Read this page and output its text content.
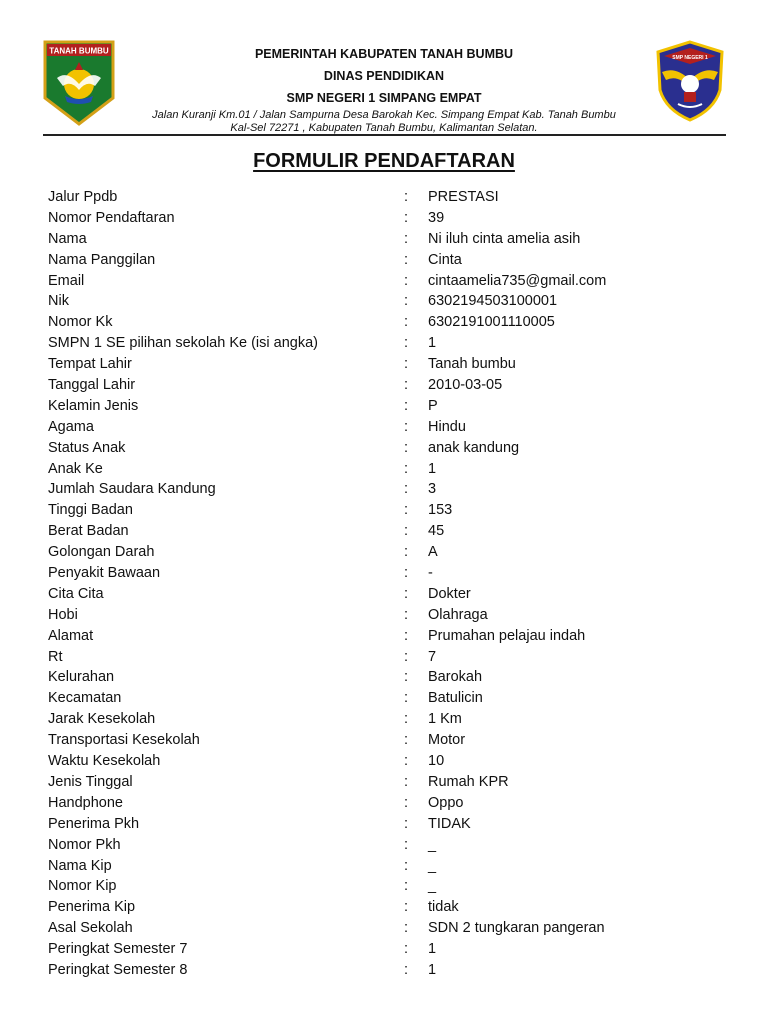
TANAH BUMBU	PEMERINTAH KABUPATEN TANAH BUMBU
DINAS PENDIDIKAN
SMP NEGERI 1 SIMPANG EMPAT
Jalan Kuranji Km.01 / Jalan Sampurna Desa Barokah Kec. Simpang Empat Kab. Tanah Bumbu
Kal-Sel 72271 , Kabupaten Tanah Bumbu, Kalimantan Selatan.
SMP NEGERI 1
FORMULIR PENDAFTARAN
Jalur Ppdb	: PRESTASI
Nomor Pendaftaran	: 39
Nama	: Ni iluh cinta amelia asih
Nama Panggilan	: Cinta
Email	: cintaamelia735@gmail.com
Nik	: 6302194503100001
Nomor Kk	: 6302191001110005
SMPN 1 SE pilihan sekolah Ke (isi angka)	: 1
Tempat Lahir	: Tanah bumbu
Tanggal Lahir	: 2010-03-05
Kelamin Jenis	: P
Agama	: Hindu
Status Anak	: anak kandung
Anak Ke	: 1
Jumlah Saudara Kandung	: 3
Tinggi Badan	: 153
Berat Badan	: 45
Golongan Darah	: A
Penyakit Bawaan	: -
Cita Cita	: Dokter
Hobi	: Olahraga
Alamat	: Prumahan pelajau indah
Rt	: 7
Kelurahan	: Barokah
Kecamatan	: Batulicin
Jarak Kesekolah	: 1 Km
Transportasi Kesekolah	: Motor
Waktu Kesekolah	: 10
Jenis Tinggal	: Rumah KPR
Handphone	: Oppo
Penerima Pkh	: TIDAK
Nomor Pkh	: _
Nama Kip	: _
Nomor Kip	: _
Penerima Kip	: tidak
Asal Sekolah	: SDN 2 tungkaran pangeran
Peringkat Semester 7	: 1
Peringkat Semester 8	: 1
